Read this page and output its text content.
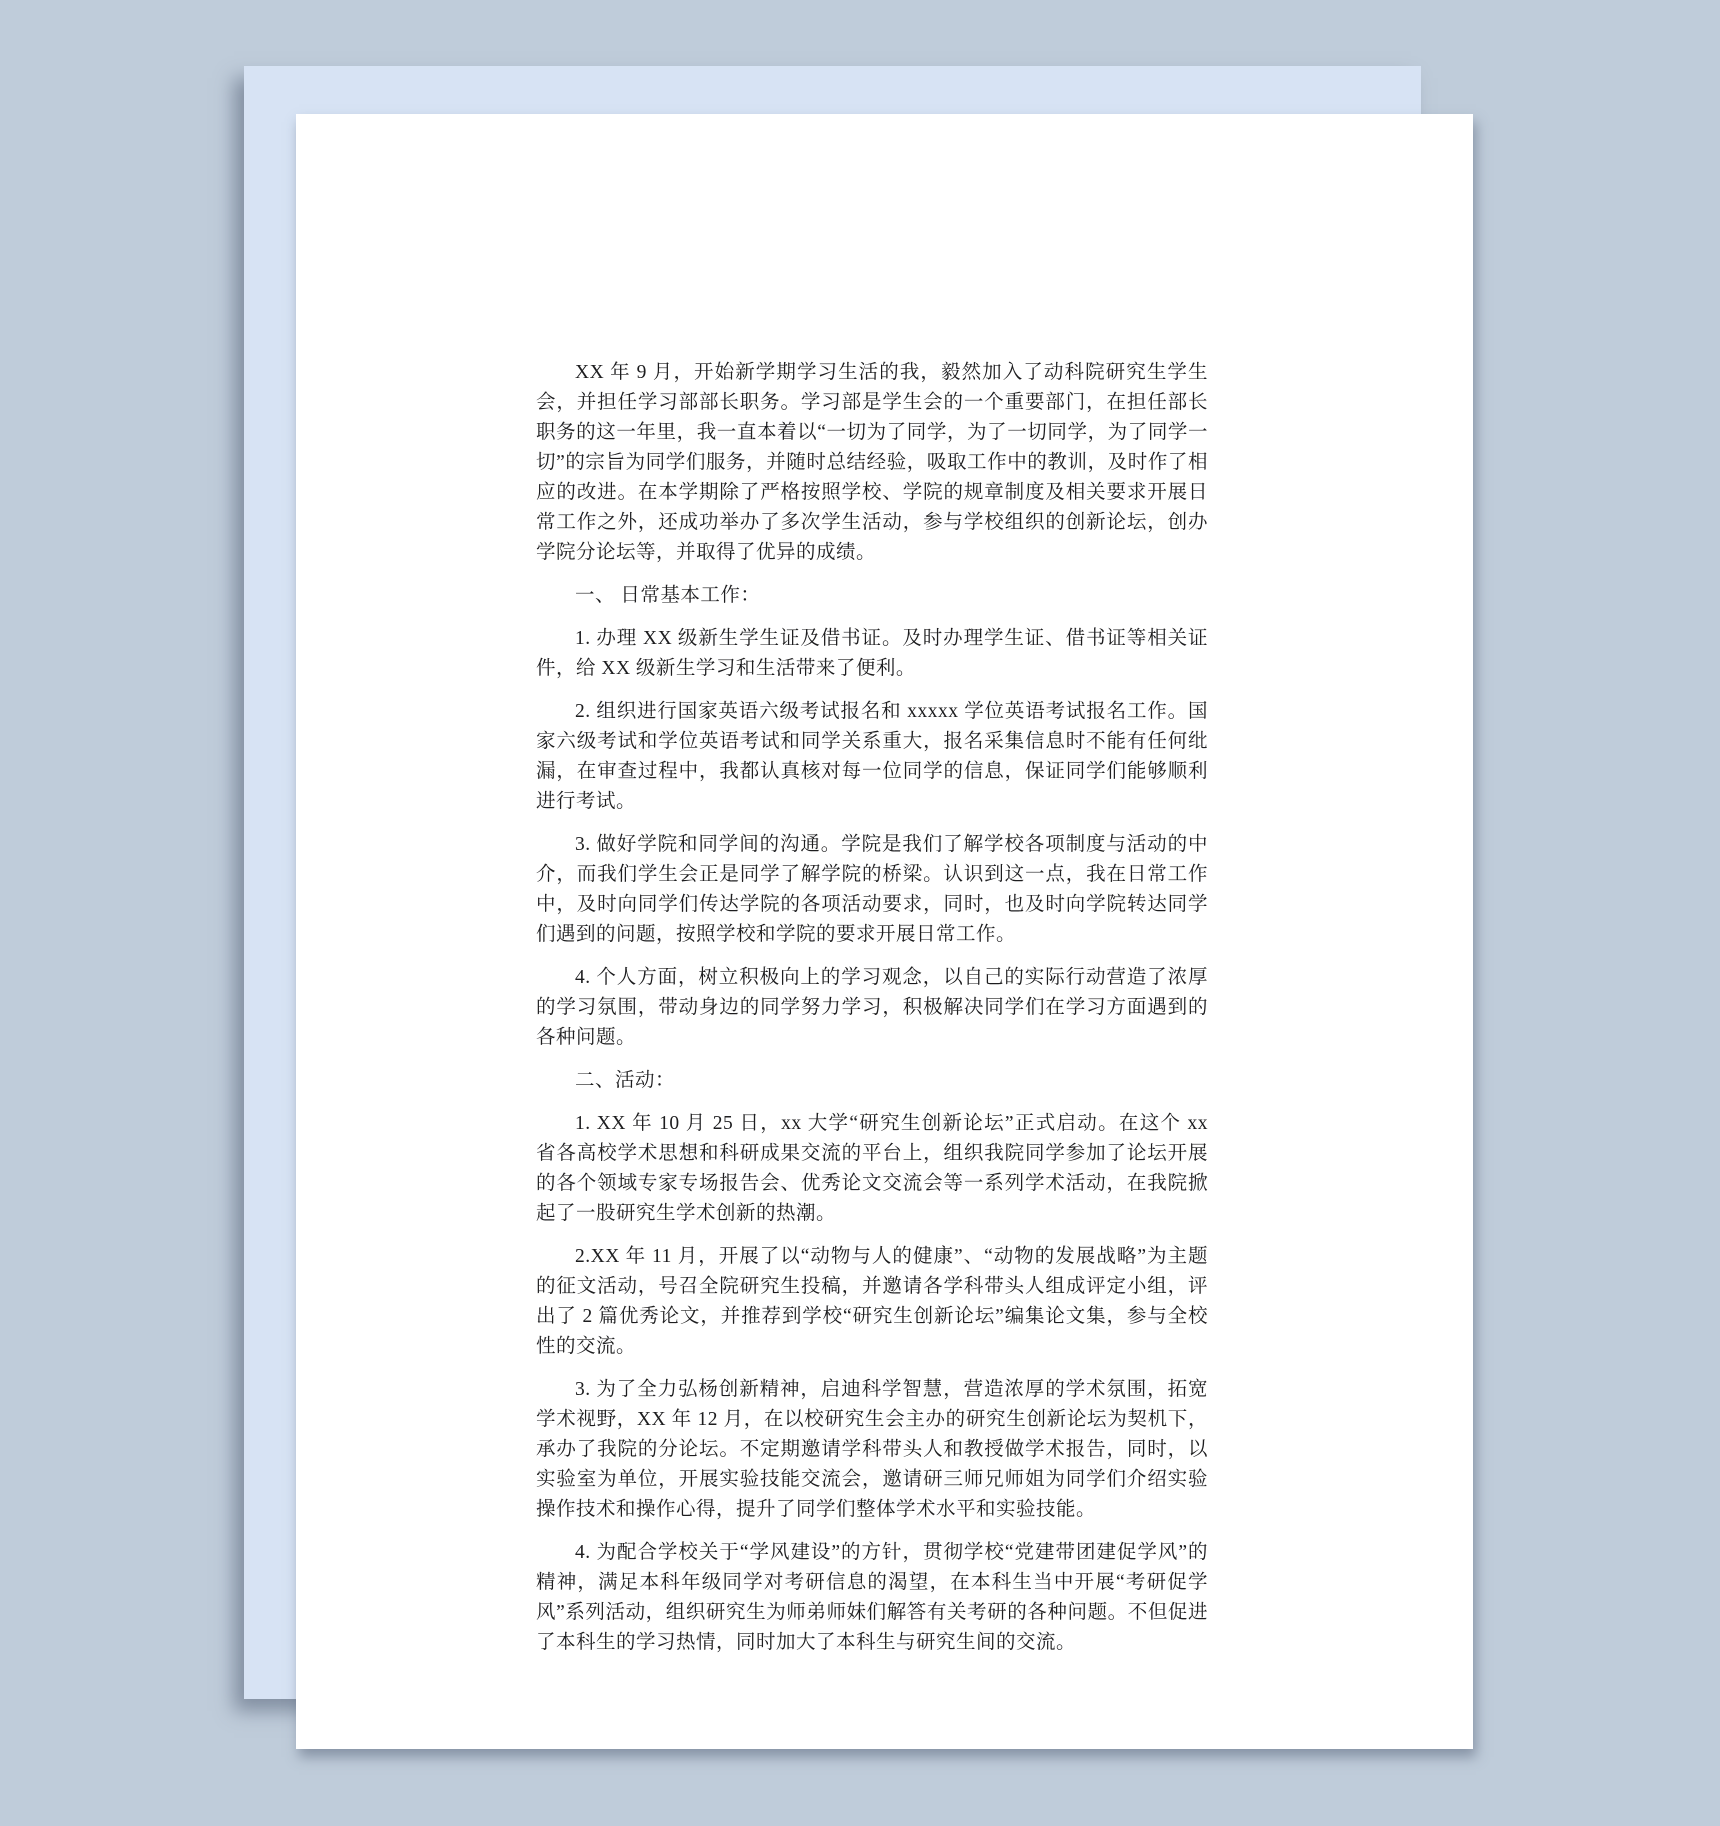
XX 年 9 月，开始新学期学习生活的我，毅然加入了动科院研究生学生会，并担任学习部部长职务。学习部是学生会的一个重要部门，在担任部长职务的这一年里，我一直本着以“一切为了同学，为了一切同学，为了同学一切”的宗旨为同学们服务，并随时总结经验，吸取工作中的教训，及时作了相应的改进。在本学期除了严格按照学校、学院的规章制度及相关要求开展日常工作之外，还成功举办了多次学生活动，参与学校组织的创新论坛，创办学院分论坛等，并取得了优异的成绩。

一、 日常基本工作：

1. 办理 XX 级新生学生证及借书证。及时办理学生证、借书证等相关证件，给 XX 级新生学习和生活带来了便利。

2. 组织进行国家英语六级考试报名和 xxxxx 学位英语考试报名工作。国家六级考试和学位英语考试和同学关系重大，报名采集信息时不能有任何纰漏，在审查过程中，我都认真核对每一位同学的信息，保证同学们能够顺利进行考试。

3. 做好学院和同学间的沟通。学院是我们了解学校各项制度与活动的中介，而我们学生会正是同学了解学院的桥梁。认识到这一点，我在日常工作中，及时向同学们传达学院的各项活动要求，同时，也及时向学院转达同学们遇到的问题，按照学校和学院的要求开展日常工作。

4. 个人方面，树立积极向上的学习观念，以自己的实际行动营造了浓厚的学习氛围，带动身边的同学努力学习，积极解决同学们在学习方面遇到的各种问题。

二、活动：

1. XX 年 10 月 25 日，xx 大学“研究生创新论坛”正式启动。在这个 xx 省各高校学术思想和科研成果交流的平台上，组织我院同学参加了论坛开展的各个领域专家专场报告会、优秀论文交流会等一系列学术活动，在我院掀起了一股研究生学术创新的热潮。

2.XX 年 11 月，开展了以“动物与人的健康”、“动物的发展战略”为主题的征文活动，号召全院研究生投稿，并邀请各学科带头人组成评定小组，评出了 2 篇优秀论文，并推荐到学校“研究生创新论坛”编集论文集，参与全校性的交流。

3. 为了全力弘杨创新精神，启迪科学智慧，营造浓厚的学术氛围，拓宽学术视野，XX 年 12 月，在以校研究生会主办的研究生创新论坛为契机下，承办了我院的分论坛。不定期邀请学科带头人和教授做学术报告，同时，以实验室为单位，开展实验技能交流会，邀请研三师兄师姐为同学们介绍实验操作技术和操作心得，提升了同学们整体学术水平和实验技能。

4. 为配合学校关于“学风建设”的方针，贯彻学校“党建带团建促学风”的精神，满足本科年级同学对考研信息的渴望，在本科生当中开展“考研促学风”系列活动，组织研究生为师弟师妹们解答有关考研的各种问题。不但促进了本科生的学习热情，同时加大了本科生与研究生间的交流。
